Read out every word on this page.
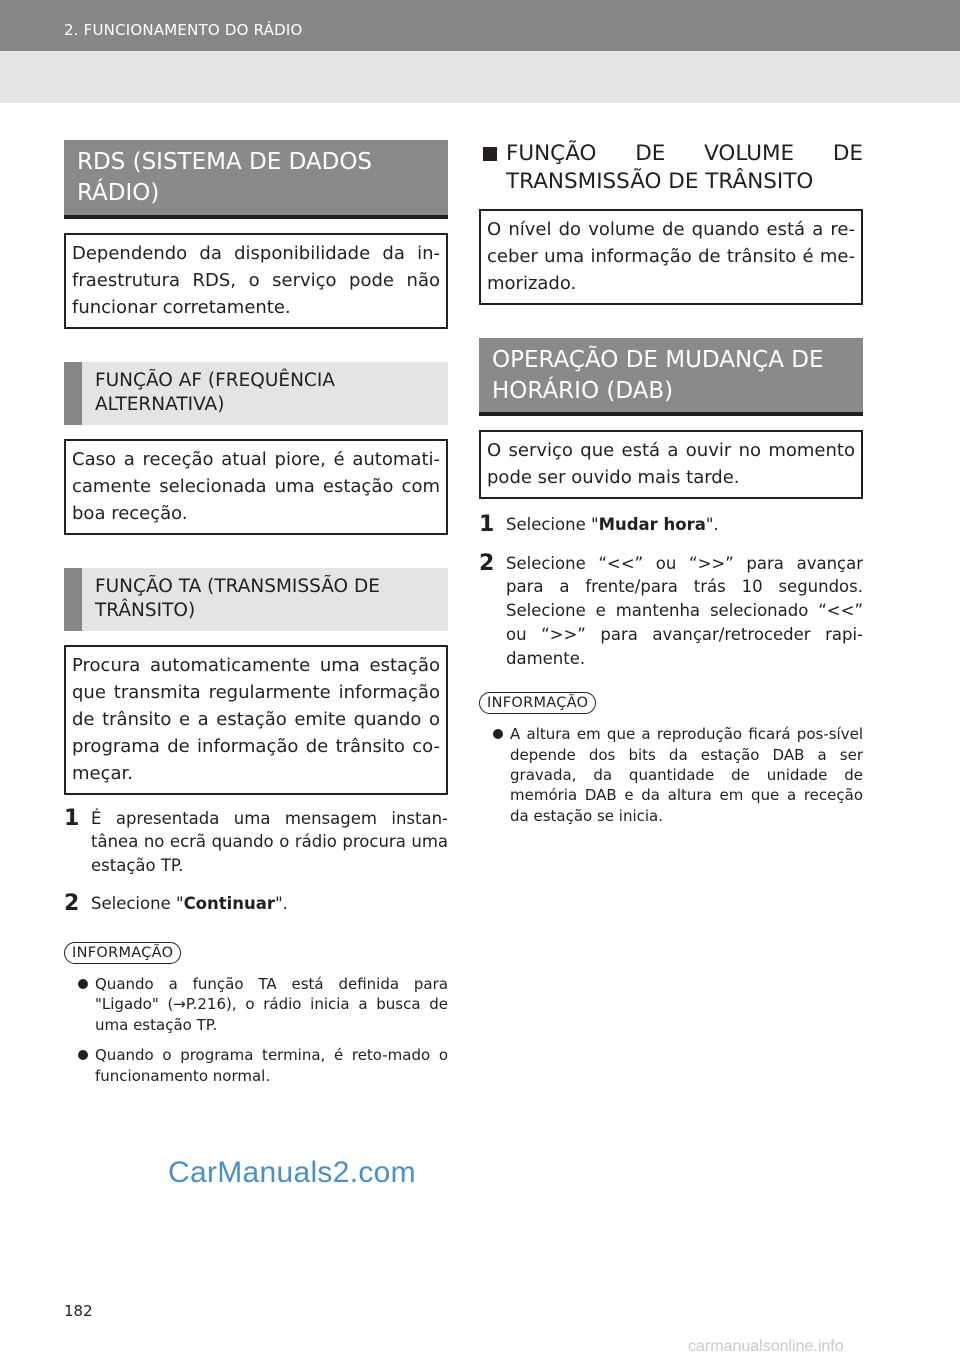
2. FUNCIONAMENTO DO RÁDIO
RDS (SISTEMA DE DADOS RÁDIO)
Dependendo da disponibilidade da in-fraestrutura RDS, o serviço pode não funcionar corretamente.
FUNÇÃO AF (FREQUÊNCIA ALTERNATIVA)
Caso a receção atual piore, é automati-camente selecionada uma estação com boa receção.
FUNÇÃO TA (TRANSMISSÃO DE TRÂNSITO)
Procura automaticamente uma estação que transmita regularmente informação de trânsito e a estação emite quando o programa de informação de trânsito co-meçar.
1 É apresentada uma mensagem instan-tânea no ecrã quando o rádio procura uma estação TP.
2 Selecione "Continuar".
INFORMAÇÃO
Quando a função TA está definida para "Ligado" (→P.216), o rádio inicia a busca de uma estação TP.
Quando o programa termina, é reto-mado o funcionamento normal.
FUNÇÃO DE VOLUME DE TRANSMISSÃO DE TRÂNSITO
O nível do volume de quando está a re-ceber uma informação de trânsito é me-morizado.
OPERAÇÃO DE MUDANÇA DE HORÁRIO (DAB)
O serviço que está a ouvir no momento pode ser ouvido mais tarde.
1 Selecione "Mudar hora".
2 Selecione “<<” ou “>>” para avançar para a frente/para trás 10 segundos. Selecione e mantenha selecionado “<<” ou “>>” para avançar/retroceder rapi-damente.
INFORMAÇÃO
A altura em que a reprodução ficará pos-sível depende dos bits da estação DAB a ser gravada, da quantidade de unidade de memória DAB e da altura em que a receção da estação se inicia.
CarManuals2.com
182
carmanualsonline.info
